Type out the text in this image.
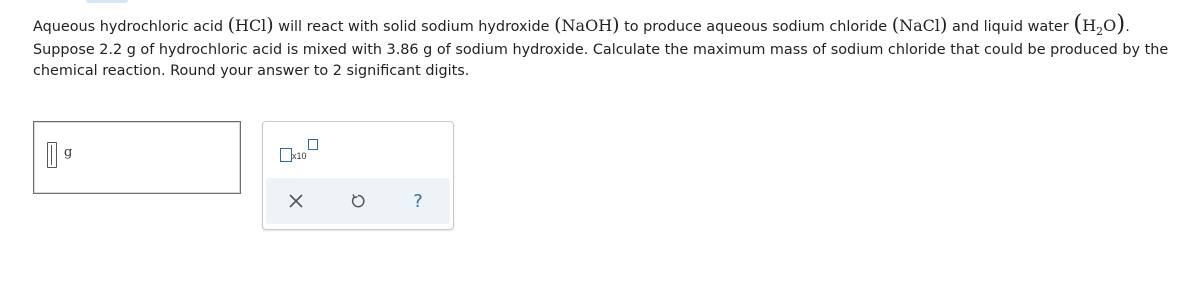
Aqueous hydrochloric acid (HCl) will react with solid sodium hydroxide (NaOH) to produce aqueous sodium chloride (NaCl) and liquid water $(H_2O)$.
Suppose 2.2 g of hydrochloric acid is mixed with 3.86 g of sodium hydroxide. Calculate the maximum mass of sodium chloride that could be produced by the
chemical reaction. Round your answer to 2 significant digits.
g	x10
?
